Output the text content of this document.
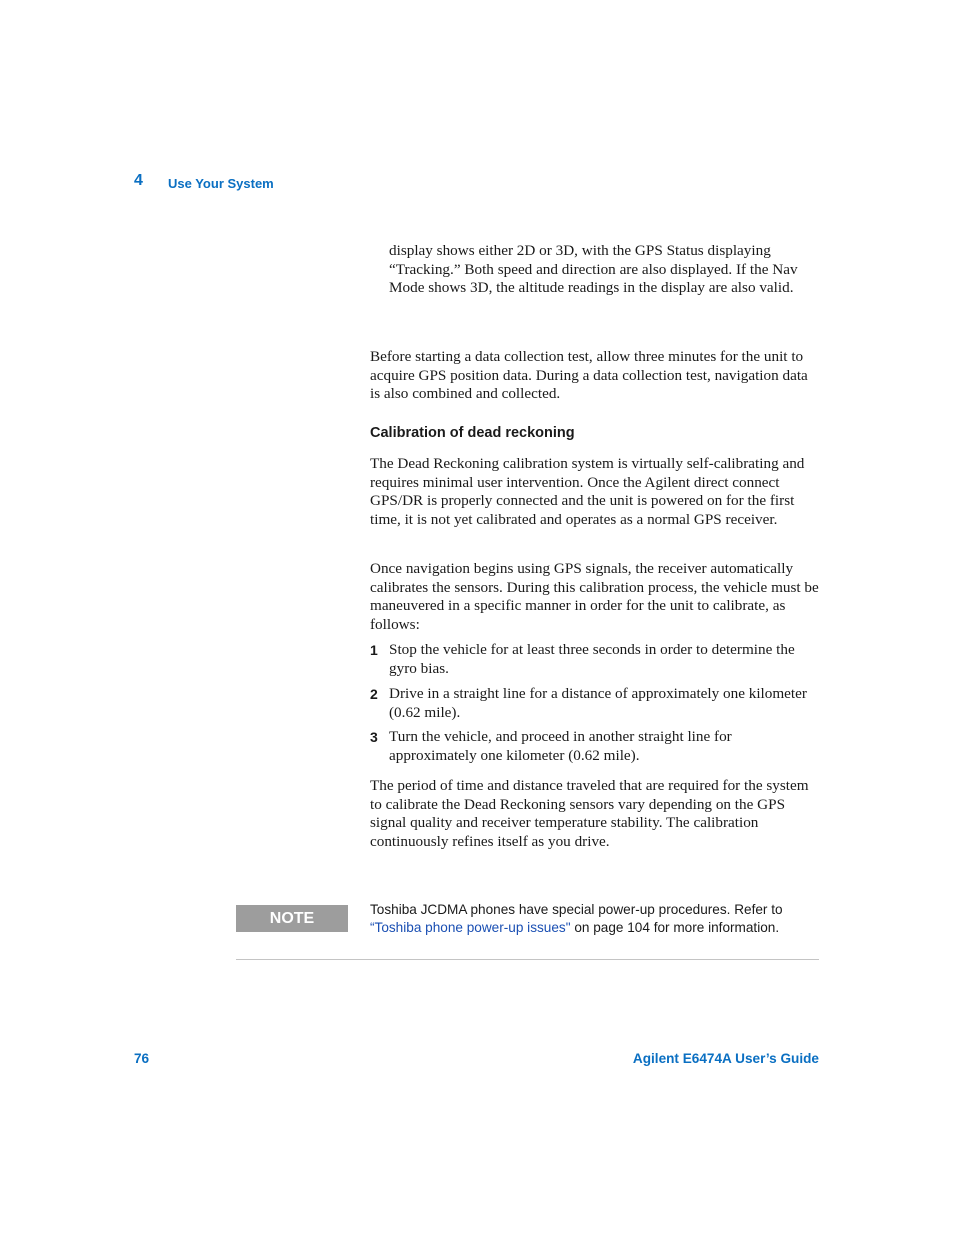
4 Use Your System
display shows either 2D or 3D, with the GPS Status displaying “Tracking.” Both speed and direction are also displayed. If the Nav Mode shows 3D, the altitude readings in the display are also valid.
Before starting a data collection test, allow three minutes for the unit to acquire GPS position data. During a data collection test, navigation data is also combined and collected.
Calibration of dead reckoning
The Dead Reckoning calibration system is virtually self-calibrating and requires minimal user intervention. Once the Agilent direct connect GPS/DR is properly connected and the unit is powered on for the first time, it is not yet calibrated and operates as a normal GPS receiver.
Once navigation begins using GPS signals, the receiver automatically calibrates the sensors. During this calibration process, the vehicle must be maneuvered in a specific manner in order for the unit to calibrate, as follows:
1 Stop the vehicle for at least three seconds in order to determine the gyro bias.
2 Drive in a straight line for a distance of approximately one kilometer (0.62 mile).
3 Turn the vehicle, and proceed in another straight line for approximately one kilometer (0.62 mile).
The period of time and distance traveled that are required for the system to calibrate the Dead Reckoning sensors vary depending on the GPS signal quality and receiver temperature stability. The calibration continuously refines itself as you drive.
NOTE
Toshiba JCDMA phones have special power-up procedures. Refer to
“Toshiba phone power-up issues" on page 104 for more information.
76	Agilent E6474A User’s Guide
